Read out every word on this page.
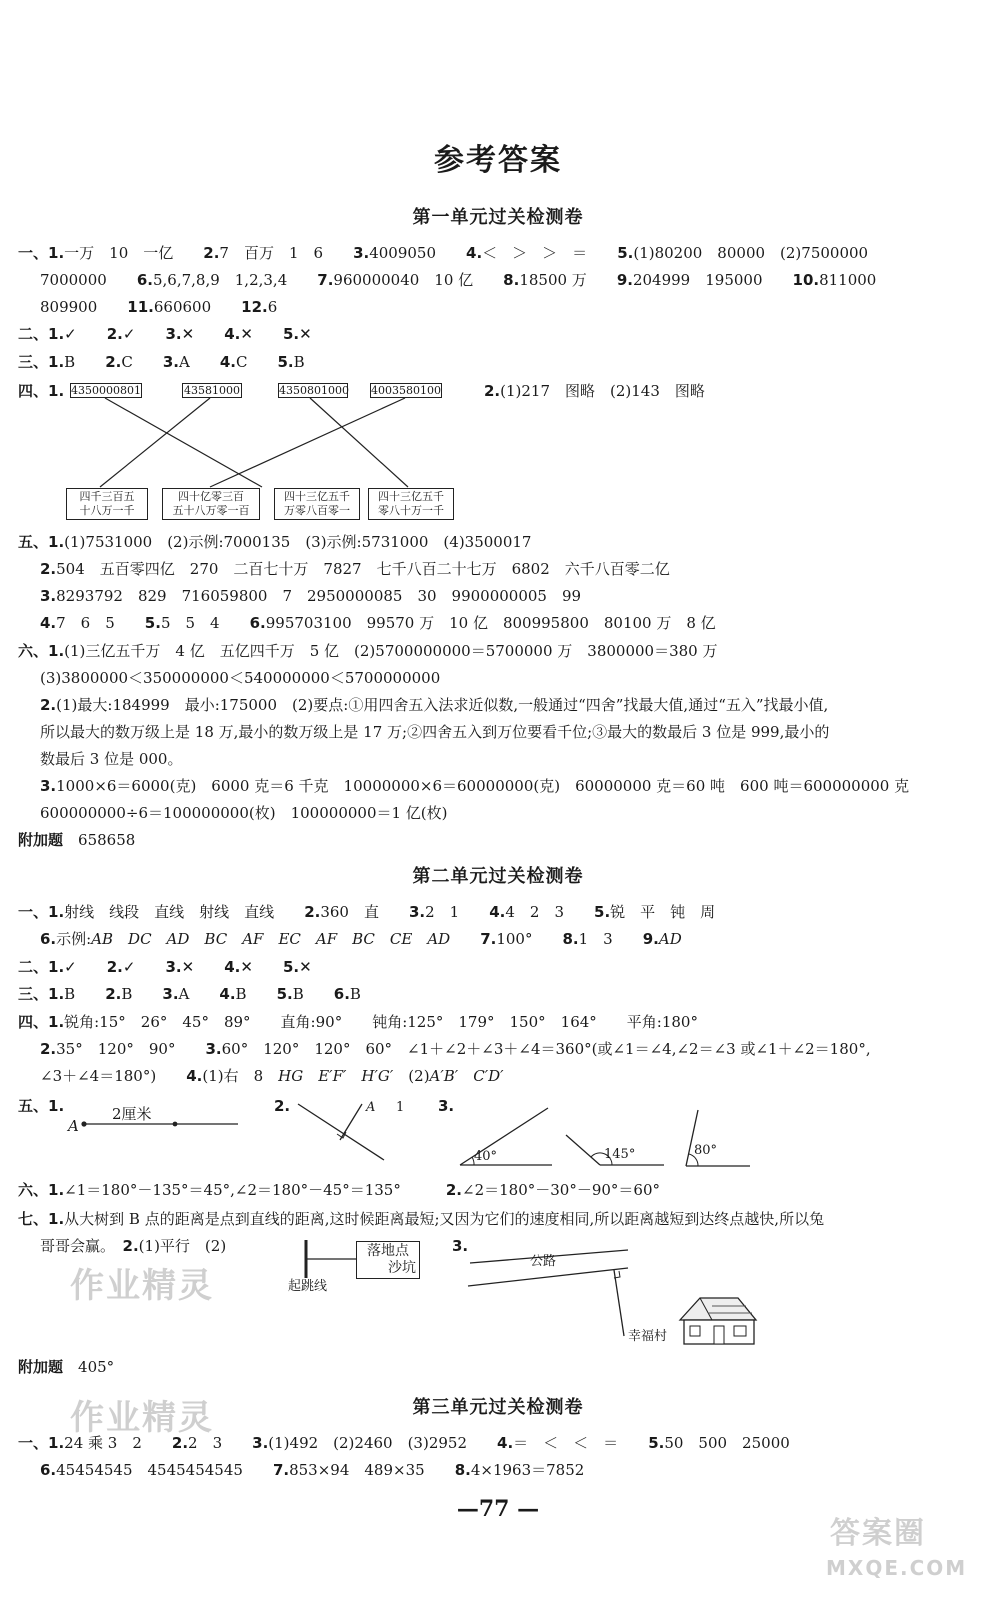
参考答案
第一单元过关检测卷
一、1.一万　10　一亿　　 2.7　百万　1　6　　 3.4009050　　 4.＜　＞　＞　＝　　 5.(1)80200　80000　(2)7500000
7000000　　 6.5,6,7,8,9　1,2,3,4　　 7.960000040　10 亿　　 8.18500 万　　 9.204999　195000　　 10.811000
809900　　 11.660600　　 12.6
二、1.✓　　 2.✓　　 3.✕　　 4.✕　　 5.✕
三、1.B　　 2.C　　 3.A　　 4.C　　 5.B
四、1. 4350000801	43581000	4350801000 4003580100
四千三百五
十八万一千
四十亿零三百
五十八万零一百
四十三亿五千
万零八百零一
四十三亿五千
零八十万一千
2.(1)217　图略　(2)143　图略
五、1.(1)7531000　(2)示例:7000135　(3)示例:5731000　(4)3500017
2.504　五百零四亿　270　二百七十万　7827　七千八百二十七万　6802　六千八百零二亿
3.8293792　829　716059800　7　2950000085　30　9900000005　99
4.7　6　5　　 5.5　5　4　　 6.995703100　99570 万　10 亿　800995800　80100 万　8 亿
六、1.(1)三亿五千万　4 亿　五亿四千万　5 亿　(2)5700000000＝5700000 万　3800000＝380 万
(3)3800000＜350000000＜540000000＜5700000000
2.(1)最大:184999　最小:175000　(2)要点:①用四舍五入法求近似数,一般通过“四舍”找最大值,通过“五入”找最小值,
所以最大的数万级上是 18 万,最小的数万级上是 17 万;②四舍五入到万位要看千位;③最大的数最后 3 位是 999,最小的
数最后 3 位是 000。
3.1000×6＝6000(克)　6000 克＝6 千克　10000000×6＝60000000(克)　60000000 克＝60 吨　600 吨＝600000000 克
600000000÷6＝100000000(枚)　100000000＝1 亿(枚)
附加题　 658658
第二单元过关检测卷
一、1.射线　线段　直线　射线　直线　　 2.360　直　　 3.2　1　　 4.4　2　3　　 5.锐　平　钝　周
6.示例:AB　DC　AD　BC　AF　EC　AF　BC　CE　AD　　 7.100°　　 8.1　3　　 9.AD
二、1.✓　　 2.✓　　 3.✕　　 4.✕　　 5.✕
三、1.B　　 2.B　　 3.A　　 4.B　　 5.B　　 6.B
四、1.锐角:15°　26°　45°　89°　　直角:90°　　钝角:125°　179°　150°　164°　　平角:180°
2.35°　120°　90°　　 3.60°　120°　120°　60°　∠1＋∠2＋∠3＋∠4＝360°(或∠1＝∠4,∠2＝∠3 或∠1＋∠2＝180°,
∠3＋∠4＝180°)　　 4.(1)右　8　HG　E′F′　H′G′　 (2)A′B′　C′D′
五、1.	2.	3.
A
2厘米	A 1
40°	145°	80°
六、1.∠1＝180°－135°＝45°,∠2＝180°－45°＝135°　　　	2.∠2＝180°－30°－90°＝60°
七、1.从大树到 B 点的距离是点到直线的距离,这时候距离最短;又因为它们的速度相同,所以距离越短到达终点越快,所以兔
哥哥会赢。　 2.(1)平行　(2)	3.
落地点
沙坑
起跳线
公路
幸福村
附加题　 405°
第三单元过关检测卷
一、1.24 乘 3　2　　 2.2　3　　 3.(1)492　(2)2460　(3)2952　　 4.＝　＜　＜　＝　　 5.50　500　25000
6.45454545　4545454545　　 7.853×94　489×35　　 8.4×1963＝7852
—77 —
作业精灵
作业精灵
答案圈
MXQE.COM
